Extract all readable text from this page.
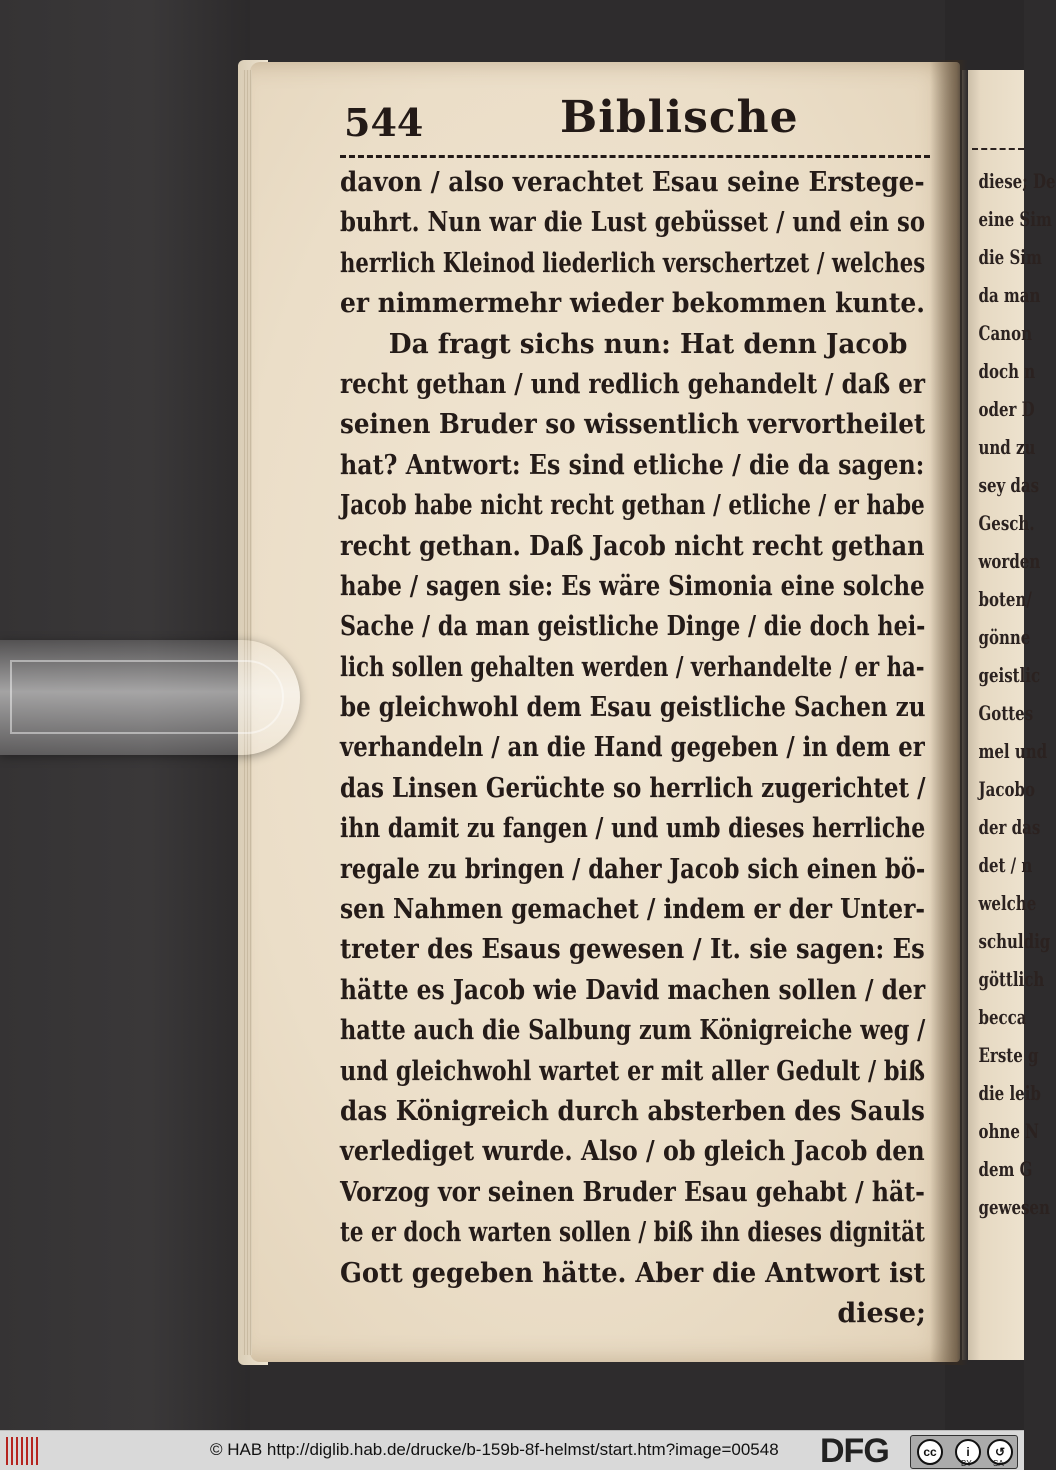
diese; De
eine Sim
die Sim
da man
Canon
doch n
oder D
und zu
sey das
Gesch.
worden
boten/
gönne
geistlic
Gottes
mel und
Jacobo
der das
det / n
welche
schuldig
göttlich
becca
Erste g
die leib
ohne N
dem G
gewesen
544	Biblische
davon / also verachtet Esau seine Erstege-
buhrt. Nun war die Lust gebüsset / und ein so
herrlich Kleinod liederlich verschertzet / welches
er nimmermehr wieder bekommen kunte.
Da fragt sichs nun: Hat denn Jacob
recht gethan / und redlich gehandelt / daß er
seinen Bruder so wissentlich vervortheilet
hat? Antwort: Es sind etliche / die da sagen:
Jacob habe nicht recht gethan / etliche / er habe
recht gethan. Daß Jacob nicht recht gethan
habe / sagen sie: Es wäre Simonia eine solche
Sache / da man geistliche Dinge / die doch hei-
lich sollen gehalten werden / verhandelte / er ha-
be gleichwohl dem Esau geistliche Sachen zu
verhandeln / an die Hand gegeben / in dem er
das Linsen Gerüchte so herrlich zugerichtet /
ihn damit zu fangen / und umb dieses herrliche
regale zu bringen / daher Jacob sich einen bö-
sen Nahmen gemachet / indem er der Unter-
treter des Esaus gewesen / It. sie sagen: Es
hätte es Jacob wie David machen sollen / der
hatte auch die Salbung zum Königreiche weg /
und gleichwohl wartet er mit aller Gedult / biß
das Königreich durch absterben des Sauls
verlediget wurde. Also / ob gleich Jacob den
Vorzog vor seinen Bruder Esau gehabt / hät-
te er doch warten sollen / biß ihn dieses dignität
Gott gegeben hätte. Aber die Antwort ist
diese;
© HAB http://diglib.hab.de/drucke/b-159b-8f-helmst/start.htm?image=00548 DFG	cc	i	↺
BY	SA
